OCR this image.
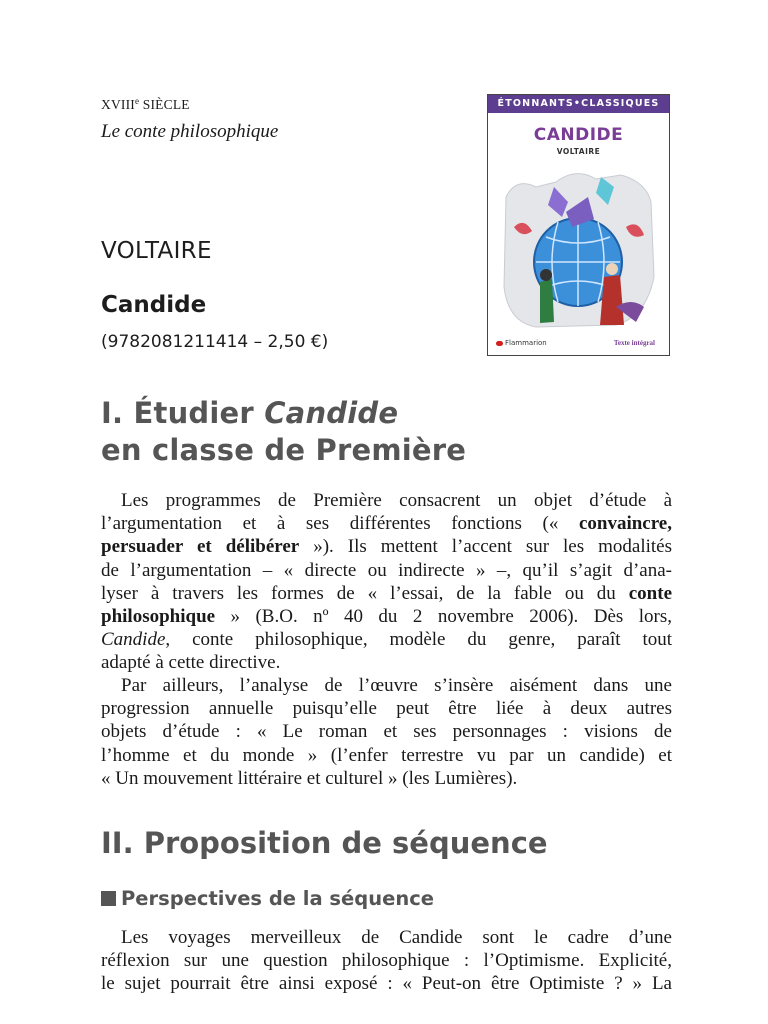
XVIIIe SIÈCLE
Le conte philosophique
VOLTAIRE
Candide
(9782081211414 – 2,50 €)
ÉTONNANTS•CLASSIQUES
CANDIDE
VOLTAIRE
Flammarion	Texte intégral
I. Étudier Candide
en classe de Première
Les programmes de Première consacrent un objet d’étude à
l’argumentation et à ses différentes fonctions (« convaincre,
persuader et délibérer »). Ils mettent l’accent sur les modalités
de l’argumentation – « directe ou indirecte » –, qu’il s’agit d’ana-
lyser à travers les formes de « l’essai, de la fable ou du conte
philosophique » (B.O. nº 40 du 2 novembre 2006). Dès lors,
Candide, conte philosophique, modèle du genre, paraît tout
adapté à cette directive.
Par ailleurs, l’analyse de l’œuvre s’insère aisément dans une
progression annuelle puisqu’elle peut être liée à deux autres
objets d’étude : « Le roman et ses personnages : visions de
l’homme et du monde » (l’enfer terrestre vu par un candide) et
« Un mouvement littéraire et culturel » (les Lumières).
II. Proposition de séquence
Perspectives de la séquence
Les voyages merveilleux de Candide sont le cadre d’une
réflexion sur une question philosophique : l’Optimisme. Explicité,
le sujet pourrait être ainsi exposé : « Peut-on être Optimiste ? » La
